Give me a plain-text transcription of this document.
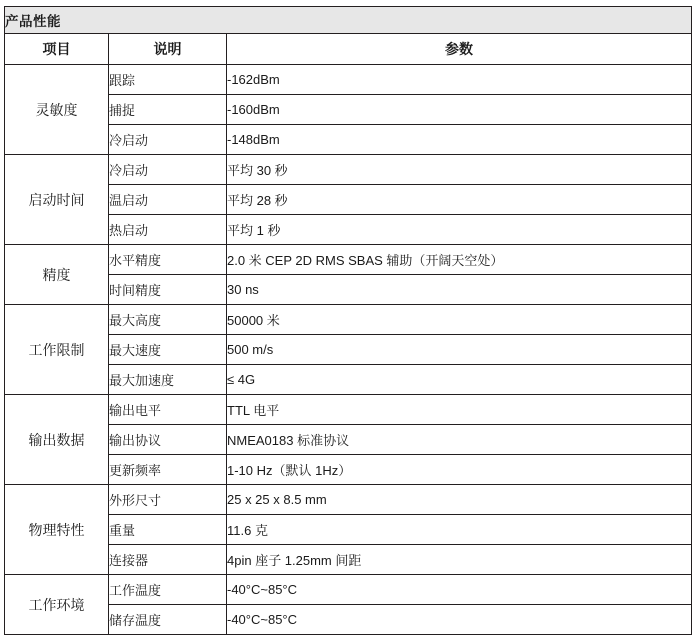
产品性能		
项目	说明	参数
灵敏度	跟踪	-162dBm
	捕捉	-160dBm
	冷启动	-148dBm
启动时间	冷启动	平均 30 秒
	温启动	平均 28 秒
	热启动	平均 1 秒
精度	水平精度	2.0 米 CEP 2D RMS SBAS 辅助（开阔天空处）
	时间精度	30 ns
工作限制	最大高度	50000 米
	最大速度	500 m/s
	最大加速度	≤ 4G
输出数据	输出电平	TTL 电平
	输出协议	NMEA0183 标准协议
	更新频率	1-10 Hz（默认 1Hz）
物理特性	外形尺寸	25 x 25 x 8.5 mm
	重量	11.6 克
	连接器	4pin 座子 1.25mm 间距
工作环境	工作温度	-40°C~85°C
	储存温度	-40°C~85°C
